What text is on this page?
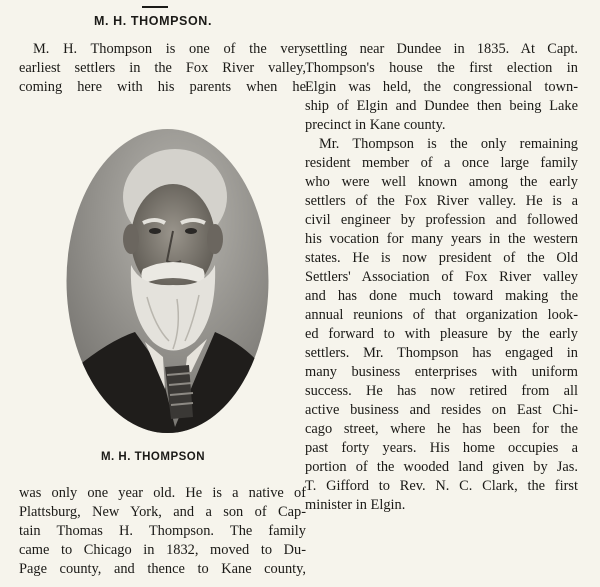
M. H. THOMPSON.
M. H. Thompson is one of the very
earliest settlers in the Fox River valley,
coming here with his parents when he
M. H. THOMPSON
was only one year old. He is a native of
Plattsburg, New York, and a son of Cap-
tain Thomas H. Thompson. The family
came to Chicago in 1832, moved to Du-
Page county, and thence to Kane county,
settling near Dundee in 1835. At Capt.
Thompson's house the first election in
Elgin was held, the congressional town-
ship of Elgin and Dundee then being Lake
precinct in Kane county.
Mr. Thompson is the only remaining
resident member of a once large family
who were well known among the early
settlers of the Fox River valley. He is a
civil engineer by profession and followed
his vocation for many years in the western
states. He is now president of the Old
Settlers' Association of Fox River valley
and has done much toward making the
annual reunions of that organization look-
ed forward to with pleasure by the early
settlers. Mr. Thompson has engaged in
many business enterprises with uniform
success. He has now retired from all
active business and resides on East Chi-
cago street, where he has been for the
past forty years. His home occupies a
portion of the wooded land given by Jas.
T. Gifford to Rev. N. C. Clark, the first
minister in Elgin.
